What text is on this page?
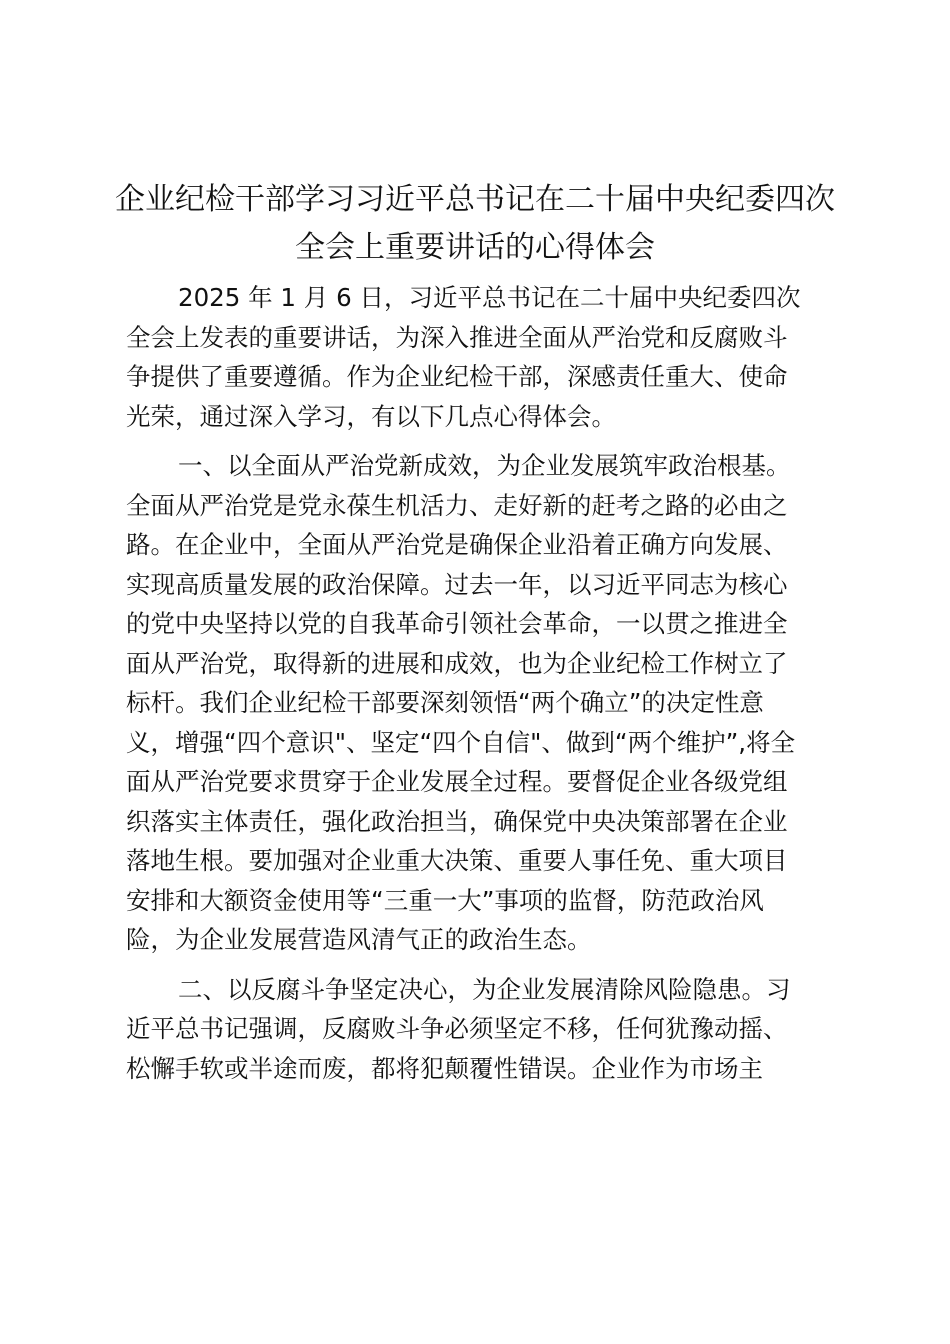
企业纪检干部学习习近平总书记在二十届中央纪委四次
全会上重要讲话的心得体会

2025 年 1 月 6 日，习近平总书记在二十届中央纪委四次
全会上发表的重要讲话，为深入推进全面从严治党和反腐败斗
争提供了重要遵循。作为企业纪检干部，深感责任重大、使命
光荣，通过深入学习，有以下几点心得体会。

一、以全面从严治党新成效，为企业发展筑牢政治根基。
全面从严治党是党永葆生机活力、走好新的赶考之路的必由之
路。在企业中，全面从严治党是确保企业沿着正确方向发展、
实现高质量发展的政治保障。过去一年，以习近平同志为核心
的党中央坚持以党的自我革命引领社会革命，一以贯之推进全
面从严治党，取得新的进展和成效，也为企业纪检工作树立了
标杆。我们企业纪检干部要深刻领悟“两个确立”的决定性意
义，增强“四个意识"、坚定“四个自信"、做到“两个维护”,将全
面从严治党要求贯穿于企业发展全过程。要督促企业各级党组
织落实主体责任，强化政治担当，确保党中央决策部署在企业
落地生根。要加强对企业重大决策、重要人事任免、重大项目
安排和大额资金使用等“三重一大”事项的监督，防范政治风
险，为企业发展营造风清气正的政治生态。

二、以反腐斗争坚定决心，为企业发展清除风险隐患。习
近平总书记强调，反腐败斗争必须坚定不移，任何犹豫动摇、
松懈手软或半途而废，都将犯颠覆性错误。企业作为市场主
